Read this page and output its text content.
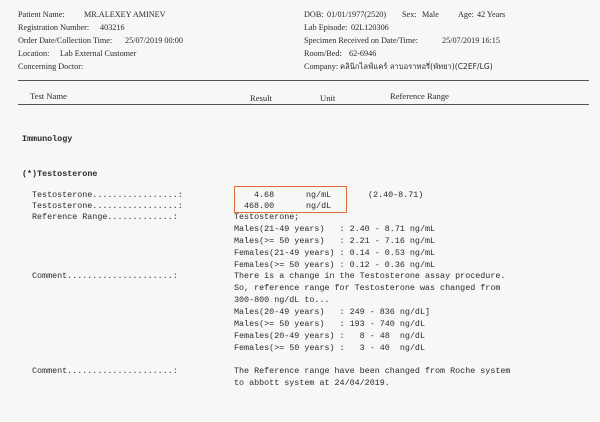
Patient Name: MR.ALEXEY AMINEV	DOB: 01/01/1977(2520) Sex: Male Age: 42 Years
Registration Number: 403216	Lab Episode: 02L120306
Order Date/Collection Time: 25/07/2019 00:00	Specimen Received on Date/Time:	25/07/2019 16:15
Location: Lab External Customer	Room/Bed: 62-6946
Concerning Doctor:	Company: คลินิกไลฟ์แคร์ ลาบอราทอรี่(พัทยา)(C2EF/LG)
Test Name	Result	Unit	Reference Range
Immunology
(*)Testosterone
Testosterone.................:	4.68	ng/mL	(2.40-8.71)
Testosterone.................:	468.00	ng/dL
Reference Range.............:	Testosterone;
Males(21-49 years)   : 2.40 - 8.71 ng/mL
Males(>= 50 years)   : 2.21 - 7.16 ng/mL
Females(21-49 years) : 0.14 - 0.53 ng/mL
Females(>= 50 years) : 0.12 - 0.36 ng/mL
Comment.....................:	There is a change in the Testosterone assay procedure.
So, reference range for Testosterone was changed from
300-800 ng/dL to...
Males(20-49 years)   : 249 - 836 ng/dL]
Males(>= 50 years)   : 193 - 740 ng/dL
Females(20-49 years) :   8 - 48  ng/dL
Females(>= 50 years) :   3 - 40  ng/dL
Comment.....................:	The Reference range have been changed from Roche system
to abbott system at 24/04/2019.
